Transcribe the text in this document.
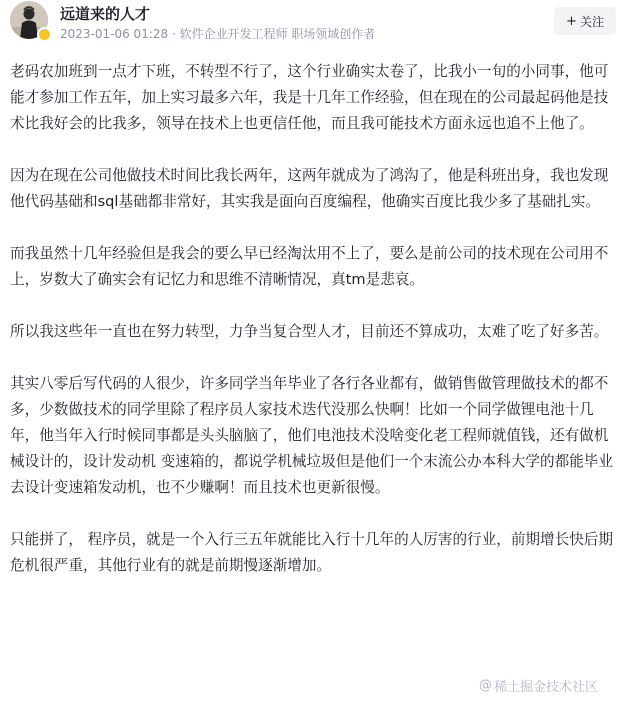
远道来的人才
2023-01-06 01:28 · 软件企业开发工程师 职场领域创作者
+ 关注

老码农加班到一点才下班，不转型不行了，这个行业确实太卷了，比我小一旬的小同事，他可能才参加工作五年，加上实习最多六年，我是十几年工作经验，但在现在的公司最起码他是技术比我好会的比我多，领导在技术上也更信任他，而且我可能技术方面永远也追不上他了。

因为在现在公司他做技术时间比我长两年，这两年就成为了鸿沟了，他是科班出身，我也发现他代码基础和sql基础都非常好，其实我是面向百度编程，他确实百度比我少多了基础扎实。

而我虽然十几年经验但是我会的要么早已经淘汰用不上了，要么是前公司的技术现在公司用不上，岁数大了确实会有记忆力和思维不清晰情况，真tm是悲哀。

所以我这些年一直也在努力转型，力争当复合型人才，目前还不算成功，太难了吃了好多苦。

其实八零后写代码的人很少，许多同学当年毕业了各行各业都有，做销售做管理做技术的都不多，少数做技术的同学里除了程序员人家技术迭代没那么快啊！比如一个同学做锂电池十几年，他当年入行时候同事都是头头脑脑了，他们电池技术没啥变化老工程师就值钱，还有做机械设计的，设计发动机 变速箱的，都说学机械垃圾但是他们一个末流公办本科大学的都能毕业去设计变速箱发动机，也不少赚啊！而且技术也更新很慢。

只能拼了， 程序员，就是一个入行三五年就能比入行十几年的人厉害的行业，前期增长快后期危机很严重，其他行业有的就是前期慢逐渐增加。

@ 稀土掘金技术社区
